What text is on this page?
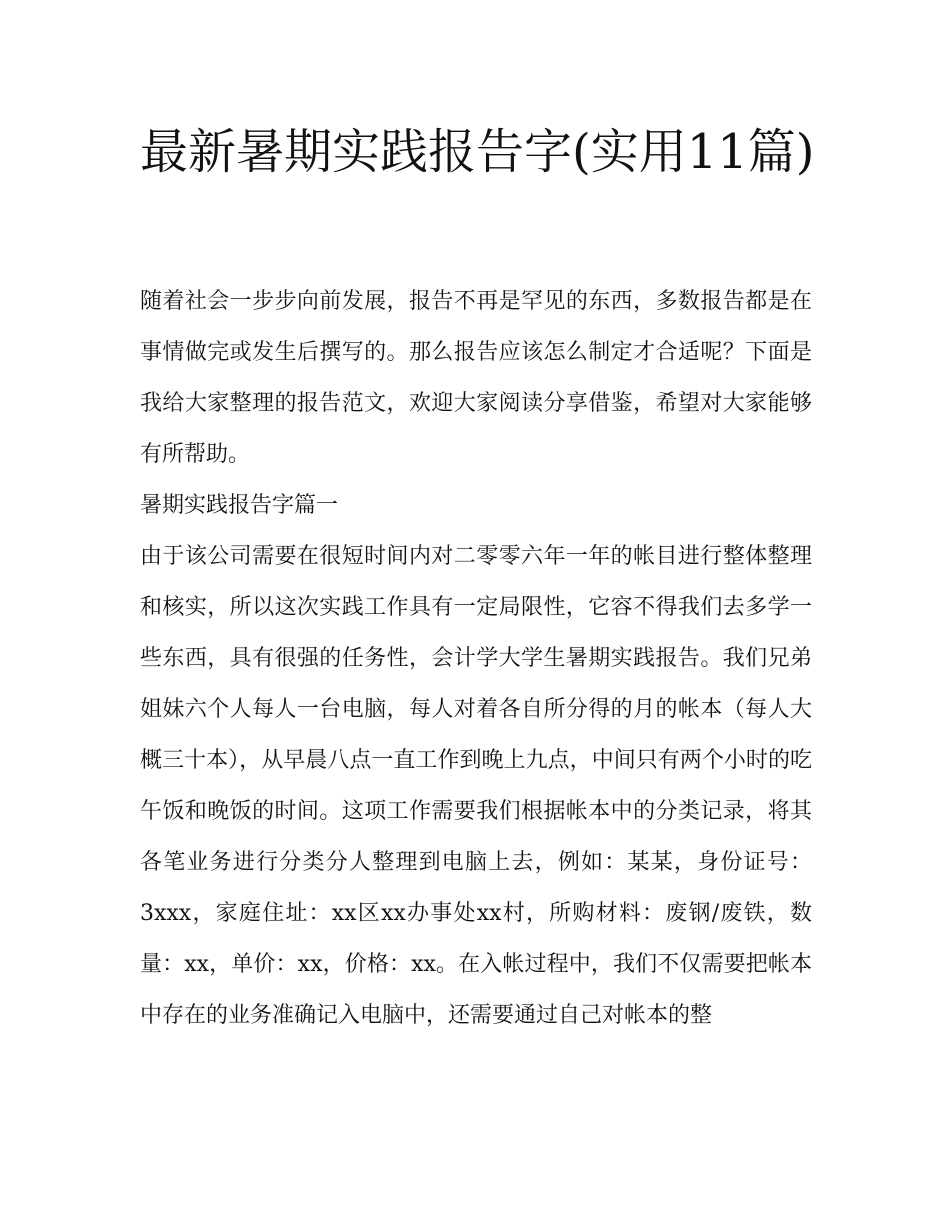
最新暑期实践报告字(实用11篇)

随着社会一步步向前发展，报告不再是罕见的东西，多数报告都是在事情做完或发生后撰写的。那么报告应该怎么制定才合适呢？下面是我给大家整理的报告范文，欢迎大家阅读分享借鉴，希望对大家能够有所帮助。

暑期实践报告字篇一

由于该公司需要在很短时间内对二零零六年一年的帐目进行整体整理和核实，所以这次实践工作具有一定局限性，它容不得我们去多学一些东西，具有很强的任务性，会计学大学生暑期实践报告。我们兄弟姐妹六个人每人一台电脑，每人对着各自所分得的月的帐本（每人大概三十本），从早晨八点一直工作到晚上九点，中间只有两个小时的吃午饭和晚饭的时间。这项工作需要我们根据帐本中的分类记录，将其各笔业务进行分类分人整理到电脑上去，例如：某某，身份证号：3xxx，家庭住址：xx区xx办事处xx村，所购材料：废钢/废铁，数量：xx，单价：xx，价格：xx。在入帐过程中，我们不仅需要把帐本中存在的业务准确记入电脑中，还需要通过自己对帐本的整
